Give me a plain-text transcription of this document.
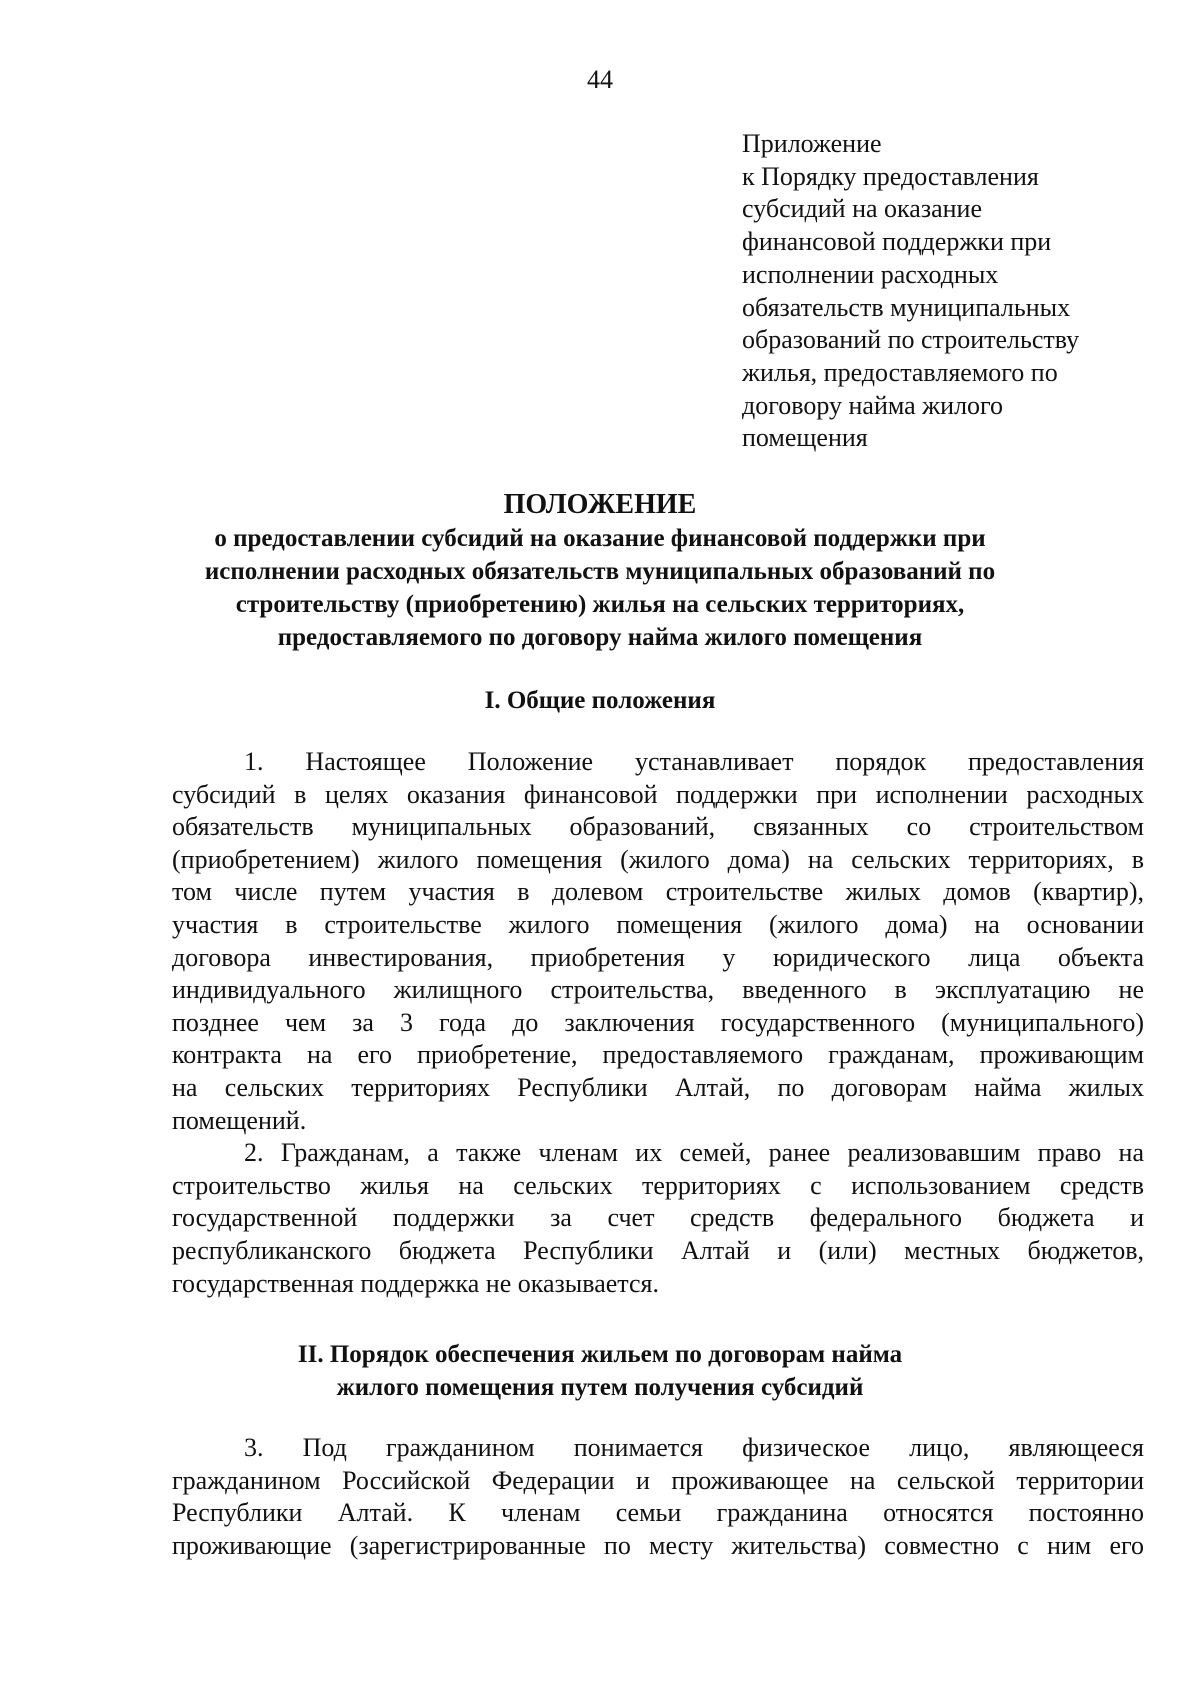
44
Приложение
к Порядку предоставления
субсидий на оказание
финансовой поддержки при
исполнении расходных
обязательств муниципальных
образований по строительству
жилья, предоставляемого по
договору найма жилого
помещения
ПОЛОЖЕНИЕ
о предоставлении субсидий на оказание финансовой поддержки при
исполнении расходных обязательств муниципальных образований по
строительству (приобретению) жилья на сельских территориях,
предоставляемого по договору найма жилого помещения
I. Общие положения

1. Настоящее Положение устанавливает порядок предоставления
субсидий в целях оказания финансовой поддержки при исполнении расходных
обязательств муниципальных образований, связанных со строительством
(приобретением) жилого помещения (жилого дома) на сельских территориях, в
том числе путем участия в долевом строительстве жилых домов (квартир),
участия в строительстве жилого помещения (жилого дома) на основании
договора инвестирования, приобретения у юридического лица объекта
индивидуального жилищного строительства, введенного в эксплуатацию не
позднее чем за 3 года до заключения государственного (муниципального)
контракта на его приобретение, предоставляемого гражданам, проживающим
на сельских территориях Республики Алтай, по договорам найма жилых
помещений.

2. Гражданам, а также членам их семей, ранее реализовавшим право на
строительство жилья на сельских территориях с использованием средств
государственной поддержки за счет средств федерального бюджета и
республиканского бюджета Республики Алтай и (или) местных бюджетов,
государственная поддержка не оказывается.

II. Порядок обеспечения жильем по договорам найма
жилого помещения путем получения субсидий

3. Под гражданином понимается физическое лицо, являющееся
гражданином Российской Федерации и проживающее на сельской территории
Республики Алтай. К членам семьи гражданина относятся постоянно
проживающие (зарегистрированные по месту жительства) совместно с ним его
